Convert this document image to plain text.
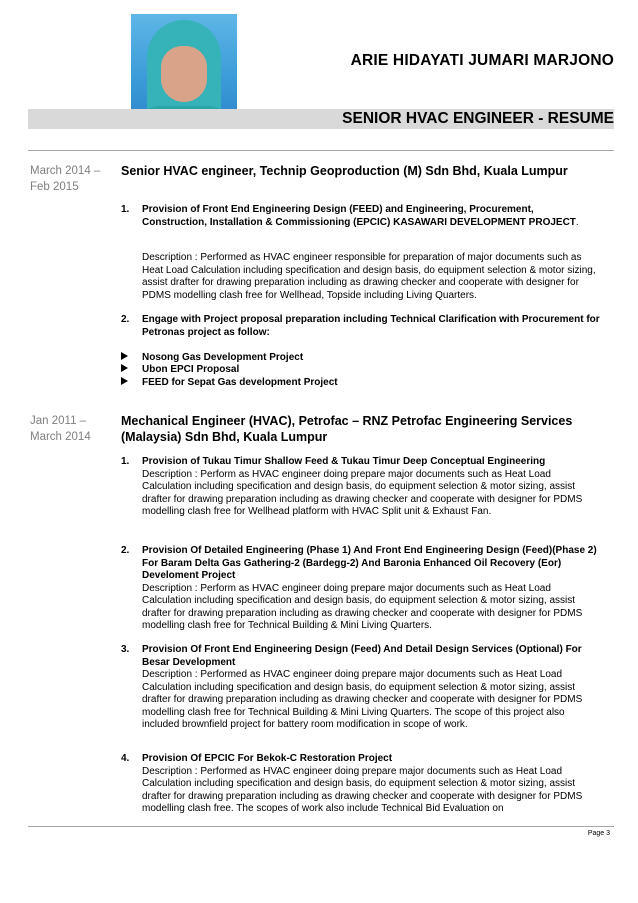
ARIE HIDAYATI JUMARI MARJONO
SENIOR HVAC ENGINEER - RESUME
March 2014 –
Feb 2015
Senior HVAC engineer, Technip Geoproduction (M) Sdn Bhd, Kuala Lumpur
1. Provision of Front End Engineering Design (FEED) and Engineering, Procurement, Construction, Installation & Commissioning (EPCIC) KASAWARI DEVELOPMENT PROJECT.
Description : Performed as HVAC engineer responsible for preparation of major documents such as Heat Load Calculation including specification and design basis, do equipment selection & motor sizing, assist drafter for drawing preparation including as drawing checker and cooperate with designer for PDMS modelling clash free for Wellhead, Topside including Living Quarters.
2. Engage with Project proposal preparation including Technical Clarification with Procurement for Petronas project as follow:
Nosong Gas Development Project
Ubon EPCI Proposal
FEED for Sepat Gas development Project
Jan 2011 –
March 2014
Mechanical Engineer (HVAC), Petrofac – RNZ Petrofac Engineering Services (Malaysia) Sdn Bhd, Kuala Lumpur
1. Provision of Tukau Timur Shallow Feed & Tukau Timur Deep Conceptual Engineering
Description : Perform as HVAC engineer doing prepare major documents such as Heat Load Calculation including specification and design basis, do equipment selection & motor sizing, assist drafter for drawing preparation including as drawing checker and cooperate with designer for PDMS modelling clash free for Wellhead platform with HVAC Split unit & Exhaust Fan.
2. Provision Of Detailed Engineering (Phase 1) And Front End Engineering Design (Feed)(Phase 2) For Baram Delta Gas Gathering-2 (Bardegg-2) And Baronia Enhanced Oil Recovery (Eor) Develoment Project
Description : Perform as HVAC engineer doing prepare major documents such as Heat Load Calculation including specification and design basis, do equipment selection & motor sizing, assist drafter for drawing preparation including as drawing checker and cooperate with designer for PDMS modelling clash free for Technical Building & Mini Living Quarters.
3. Provision Of Front End Engineering Design (Feed) And Detail Design Services (Optional) For Besar Development
Description : Performed as HVAC engineer doing prepare major documents such as Heat Load Calculation including specification and design basis, do equipment selection & motor sizing, assist drafter for drawing preparation including as drawing checker and cooperate with designer for PDMS modelling clash free for Technical Building & Mini Living Quarters. The scope of this project also included brownfield project for battery room modification in scope of work.
4. Provision Of EPCIC For Bekok-C Restoration Project
Description : Performed as HVAC engineer doing prepare major documents such as Heat Load Calculation including specification and design basis, do equipment selection & motor sizing, assist drafter for drawing preparation including as drawing checker and cooperate with designer for PDMS modelling clash free. The scopes of work also include Technical Bid Evaluation on
Page 3
